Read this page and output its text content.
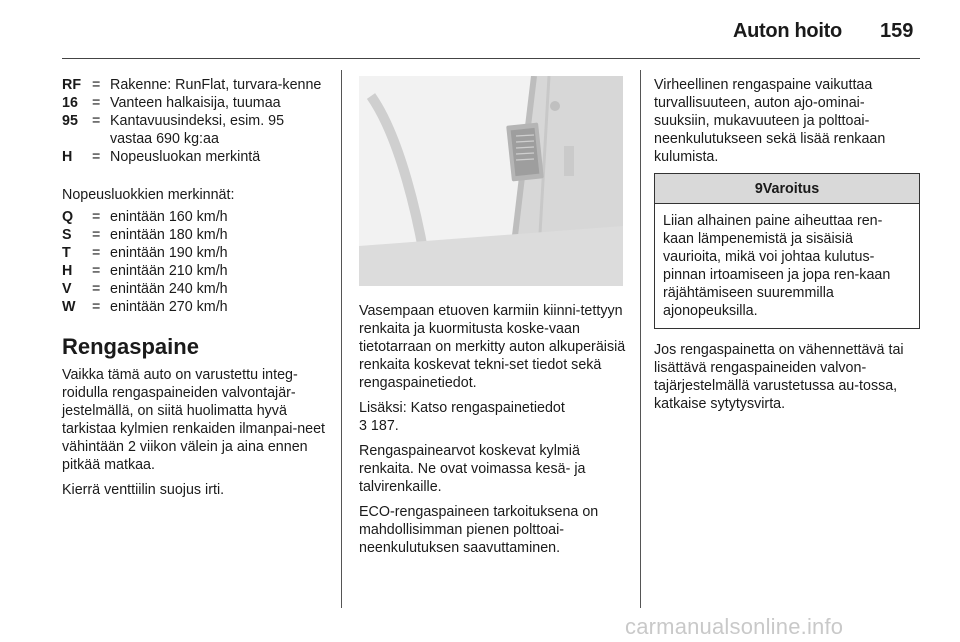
Auton hoito 159
RF = Rakenne: RunFlat, turvara-kenne
16 = Vanteen halkaisija, tuumaa
95 = Kantavuusindeksi, esim. 95 vastaa 690 kg:aa
H	= Nopeusluokan merkintä

Nopeusluokkien merkinnät:

Q	= enintään 160 km/h
S	= enintään 180 km/h
T	= enintään 190 km/h
H	= enintään 210 km/h
V	= enintään 240 km/h
W	= enintään 270 km/h
Rengaspaine

Vaikka tämä auto on varustettu integ-roidulla rengaspaineiden valvontajär-jestelmällä, on siitä huolimatta hyvä tarkistaa kylmien renkaiden ilmanpai-neet vähintään 2 viikon välein ja aina ennen pitkää matkaa.

Kierrä venttiilin suojus irti.

Vasempaan etuoven karmiin kiinni-tettyyn renkaita ja kuormitusta koske-vaan tietotarraan on merkitty auton alkuperäisiä renkaita koskevat tekni-set tiedot sekä rengaspainetiedot.

Lisäksi: Katso rengaspainetiedot
3 187.

Rengaspainearvot koskevat kylmiä renkaita. Ne ovat voimassa kesä- ja talvirenkaille.

ECO-rengaspaineen tarkoituksena on mahdollisimman pienen polttoai-neenkulutuksen saavuttaminen.

Virheellinen rengaspaine vaikuttaa turvallisuuteen, auton ajo-ominai-suuksiin, mukavuuteen ja polttoai-neenkulutukseen sekä lisää renkaan kulumista.

9Varoitus
Liian alhainen paine aiheuttaa ren-kaan lämpenemistä ja sisäisiä vaurioita, mikä voi johtaa kulutus-pinnan irtoamiseen ja jopa ren-kaan räjähtämiseen suuremmilla ajonopeuksilla.

Jos rengaspainetta on vähennettävä tai lisättävä rengaspaineiden valvon-tajärjestelmällä varustetussa au-tossa, katkaise sytytysvirta.

carmanualsonline.info
